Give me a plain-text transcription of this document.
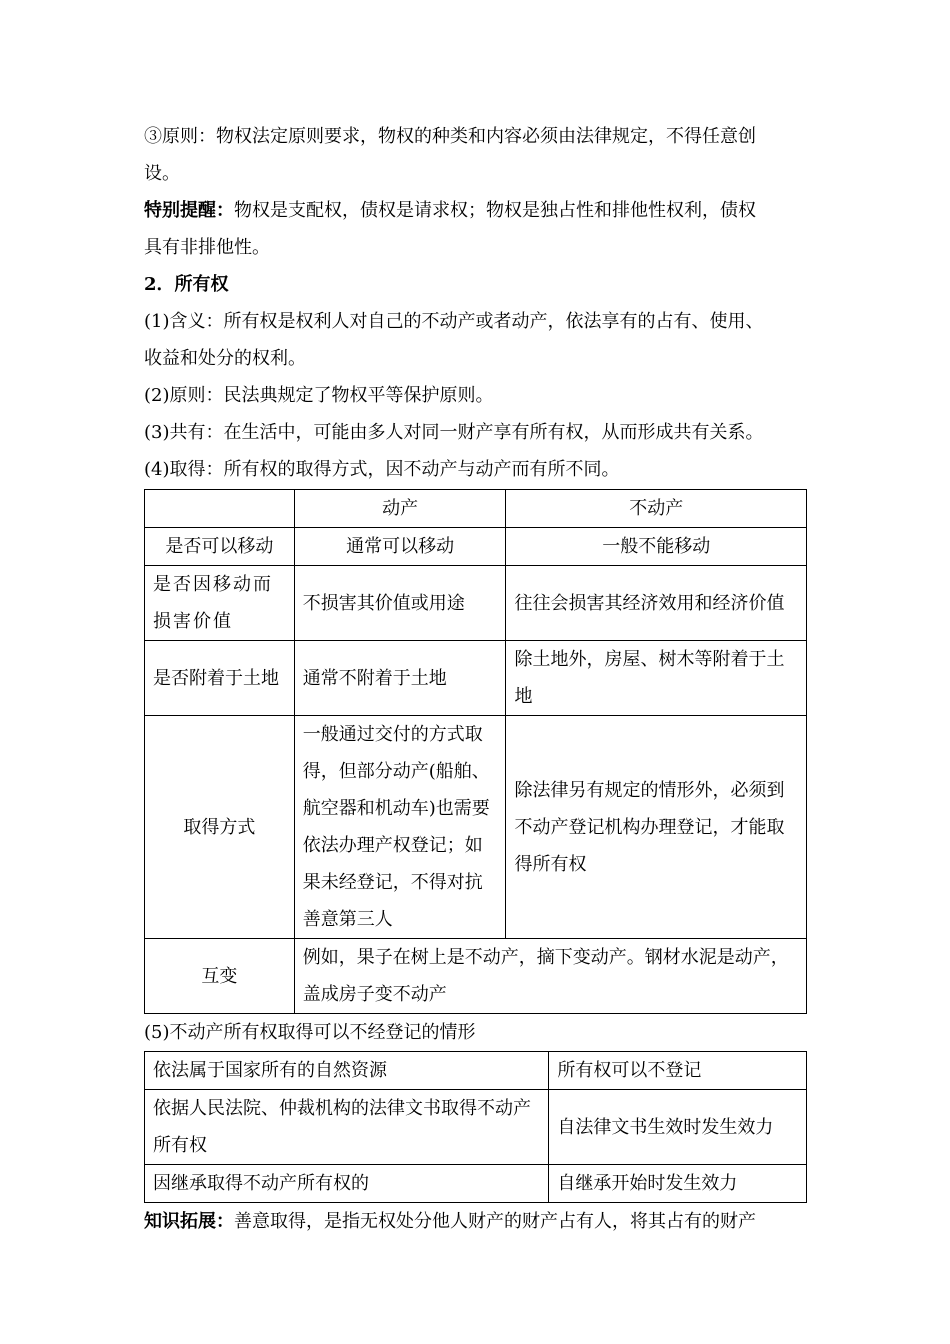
③原则：物权法定原则要求，物权的种类和内容必须由法律规定，不得任意创

设。

特别提醒：物权是支配权，债权是请求权；物权是独占性和排他性权利，债权

具有非排他性。

2．所有权

(1)含义：所有权是权利人对自己的不动产或者动产，依法享有的占有、使用、

收益和处分的权利。

(2)原则：民法典规定了物权平等保护原则。

(3)共有：在生活中，可能由多人对同一财产享有所有权，从而形成共有关系。

(4)取得：所有权的取得方式，因不动产与动产而有所不同。

	动产	不动产
是否可以移动	通常可以移动	一般不能移动
是否因移动而损害价值	不损害其价值或用途	往往会损害其经济效用和经济价值
是否附着于土地	通常不附着于土地	除土地外，房屋、树木等附着于土地
取得方式	一般通过交付的方式取得，但部分动产(船舶、航空器和机动车)也需要依法办理产权登记；如果未经登记，不得对抗善意第三人	除法律另有规定的情形外，必须到不动产登记机构办理登记，才能取得所有权
互变	例如，果子在树上是不动产，摘下变动产。钢材水泥是动产，盖成房子变不动产	

(5)不动产所有权取得可以不经登记的情形

依法属于国家所有的自然资源	所有权可以不登记
依据人民法院、仲裁机构的法律文书取得不动产所有权	自法律文书生效时发生效力
因继承取得不动产所有权的	自继承开始时发生效力

知识拓展：善意取得，是指无权处分他人财产的财产占有人，将其占有的财产
